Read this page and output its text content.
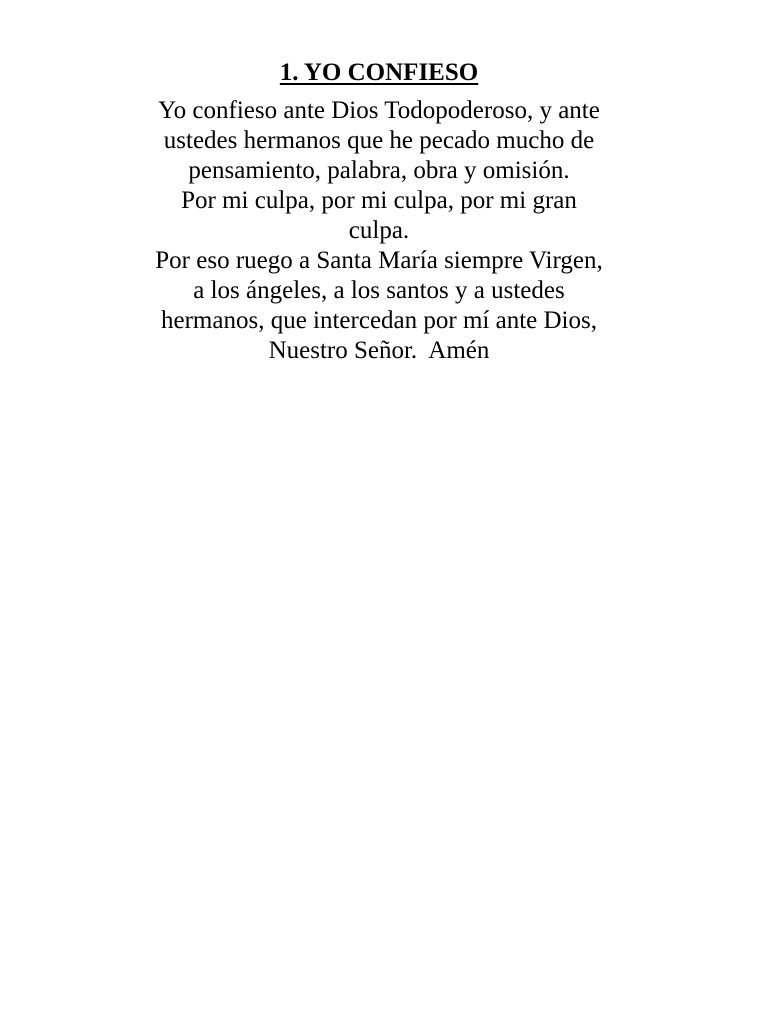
1. YO CONFIESO
Yo confieso ante Dios Todopoderoso, y ante
ustedes hermanos que he pecado mucho de
pensamiento, palabra, obra y omisión.
Por mi culpa, por mi culpa, por mi gran
culpa.
Por eso ruego a Santa María siempre Virgen,
a los ángeles, a los santos y a ustedes
hermanos, que intercedan por mí ante Dios,
Nuestro Señor.  Amén
